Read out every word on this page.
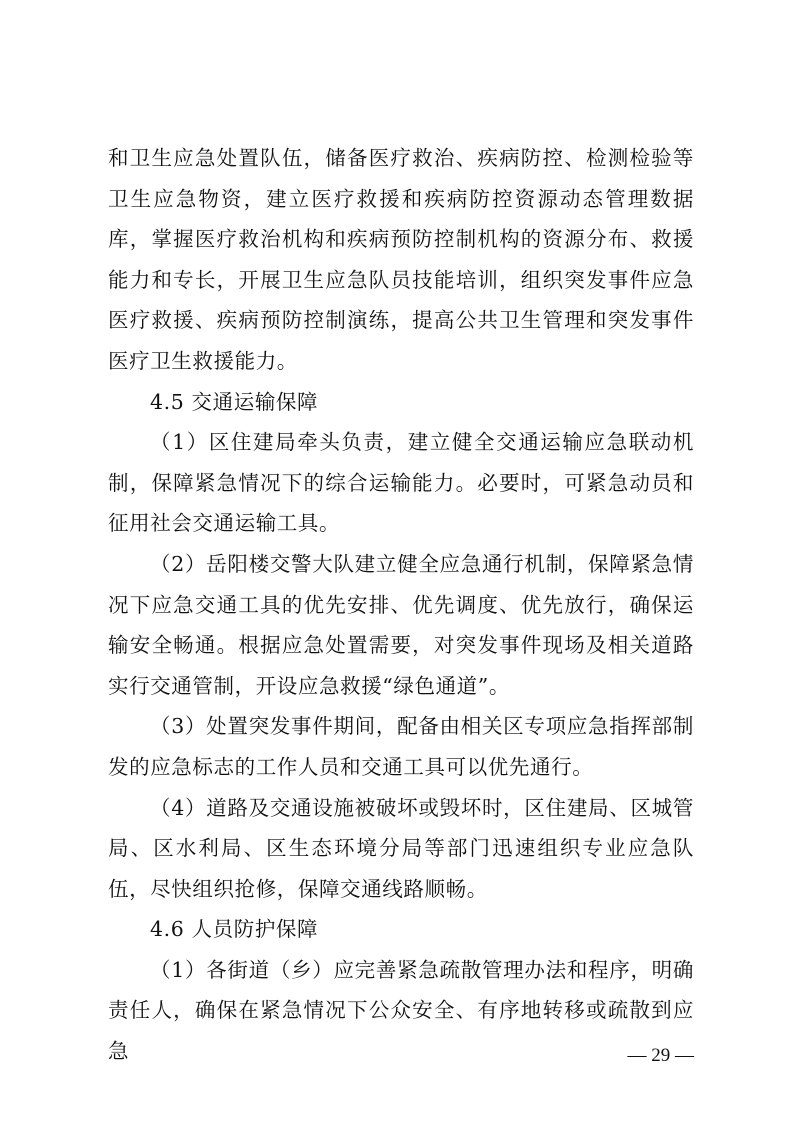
和卫生应急处置队伍，储备医疗救治、疾病防控、检测检验等卫生应急物资，建立医疗救援和疾病防控资源动态管理数据库，掌握医疗救治机构和疾病预防控制机构的资源分布、救援能力和专长，开展卫生应急队员技能培训，组织突发事件应急医疗救援、疾病预防控制演练，提高公共卫生管理和突发事件医疗卫生救援能力。

4.5 交通运输保障

（1）区住建局牵头负责，建立健全交通运输应急联动机制，保障紧急情况下的综合运输能力。必要时，可紧急动员和征用社会交通运输工具。

（2）岳阳楼交警大队建立健全应急通行机制，保障紧急情况下应急交通工具的优先安排、优先调度、优先放行，确保运输安全畅通。根据应急处置需要，对突发事件现场及相关道路实行交通管制，开设应急救援“绿色通道”。

（3）处置突发事件期间，配备由相关区专项应急指挥部制发的应急标志的工作人员和交通工具可以优先通行。

（4）道路及交通设施被破坏或毁坏时，区住建局、区城管局、区水利局、区生态环境分局等部门迅速组织专业应急队伍，尽快组织抢修，保障交通线路顺畅。

4.6 人员防护保障

（1）各街道（乡）应完善紧急疏散管理办法和程序，明确责任人，确保在紧急情况下公众安全、有序地转移或疏散到应急	— 29 —
